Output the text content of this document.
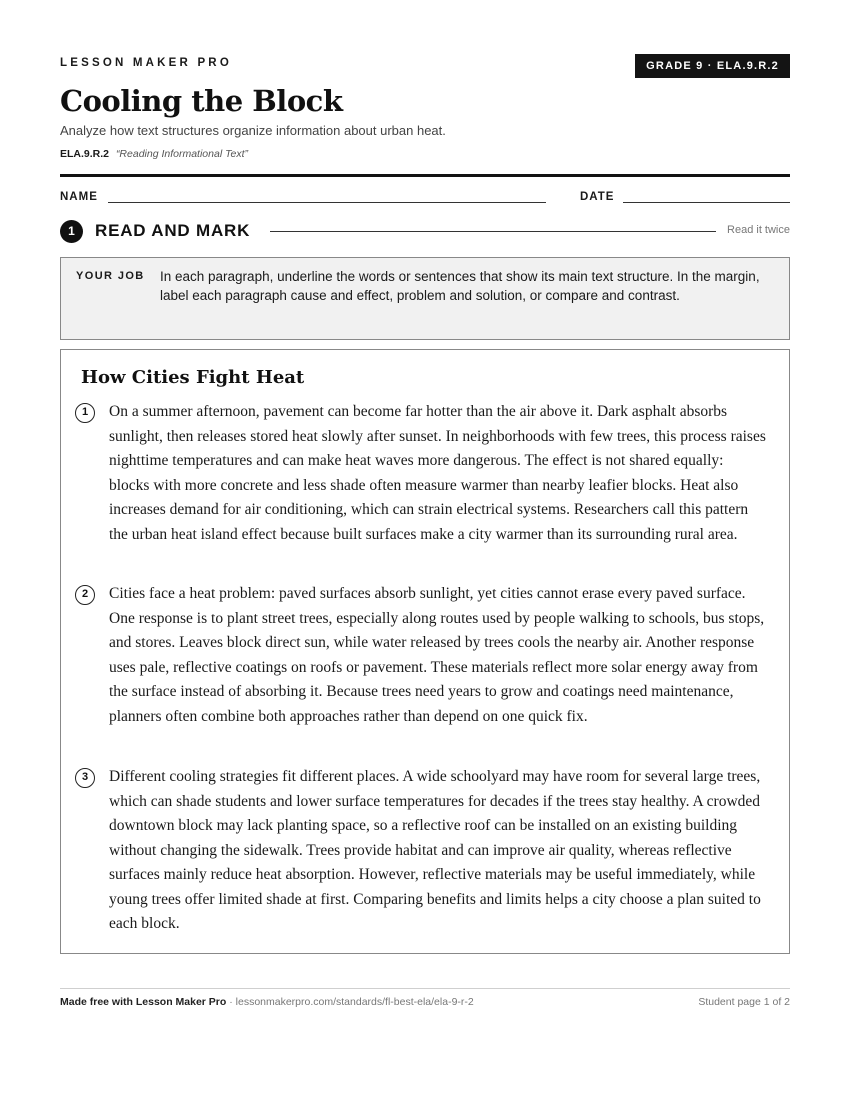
LESSON MAKER PRO	GRADE 9 · ELA.9.R.2
Cooling the Block
Analyze how text structures organize information about urban heat.
ELA.9.R.2 “Reading Informational Text”
NAME	DATE
1	READ AND MARK	Read it twice
YOUR JOB In each paragraph, underline the words or sentences that show its main text structure. In the margin, label each paragraph cause and effect, problem and solution, or compare and contrast.
How Cities Fight Heat
1	On a summer afternoon, pavement can become far hotter than the air above it. Dark asphalt absorbs sunlight, then releases stored heat slowly after sunset. In neighborhoods with few trees, this process raises nighttime temperatures and can make heat waves more dangerous. The effect is not shared equally: blocks with more concrete and less shade often measure warmer than nearby leafier blocks. Heat also increases demand for air conditioning, which can strain electrical systems. Researchers call this pattern the urban heat island effect because built surfaces make a city warmer than its surrounding rural area.

2	Cities face a heat problem: paved surfaces absorb sunlight, yet cities cannot erase every paved surface. One response is to plant street trees, especially along routes used by people walking to schools, bus stops, and stores. Leaves block direct sun, while water released by trees cools the nearby air. Another response uses pale, reflective coatings on roofs or pavement. These materials reflect more solar energy away from the surface instead of absorbing it. Because trees need years to grow and coatings need maintenance, planners often combine both approaches rather than depend on one quick fix.

3	Different cooling strategies fit different places. A wide schoolyard may have room for several large trees, which can shade students and lower surface temperatures for decades if the trees stay healthy. A crowded downtown block may lack planting space, so a reflective roof can be installed on an existing building without changing the sidewalk. Trees provide habitat and can improve air quality, whereas reflective surfaces mainly reduce heat absorption. However, reflective materials may be useful immediately, while young trees offer limited shade at first. Comparing benefits and limits helps a city choose a plan suited to each block.

Made free with Lesson Maker Pro · lessonmakerpro.com/standards/fl-best-ela/ela-9-r-2	Student page 1 of 2
